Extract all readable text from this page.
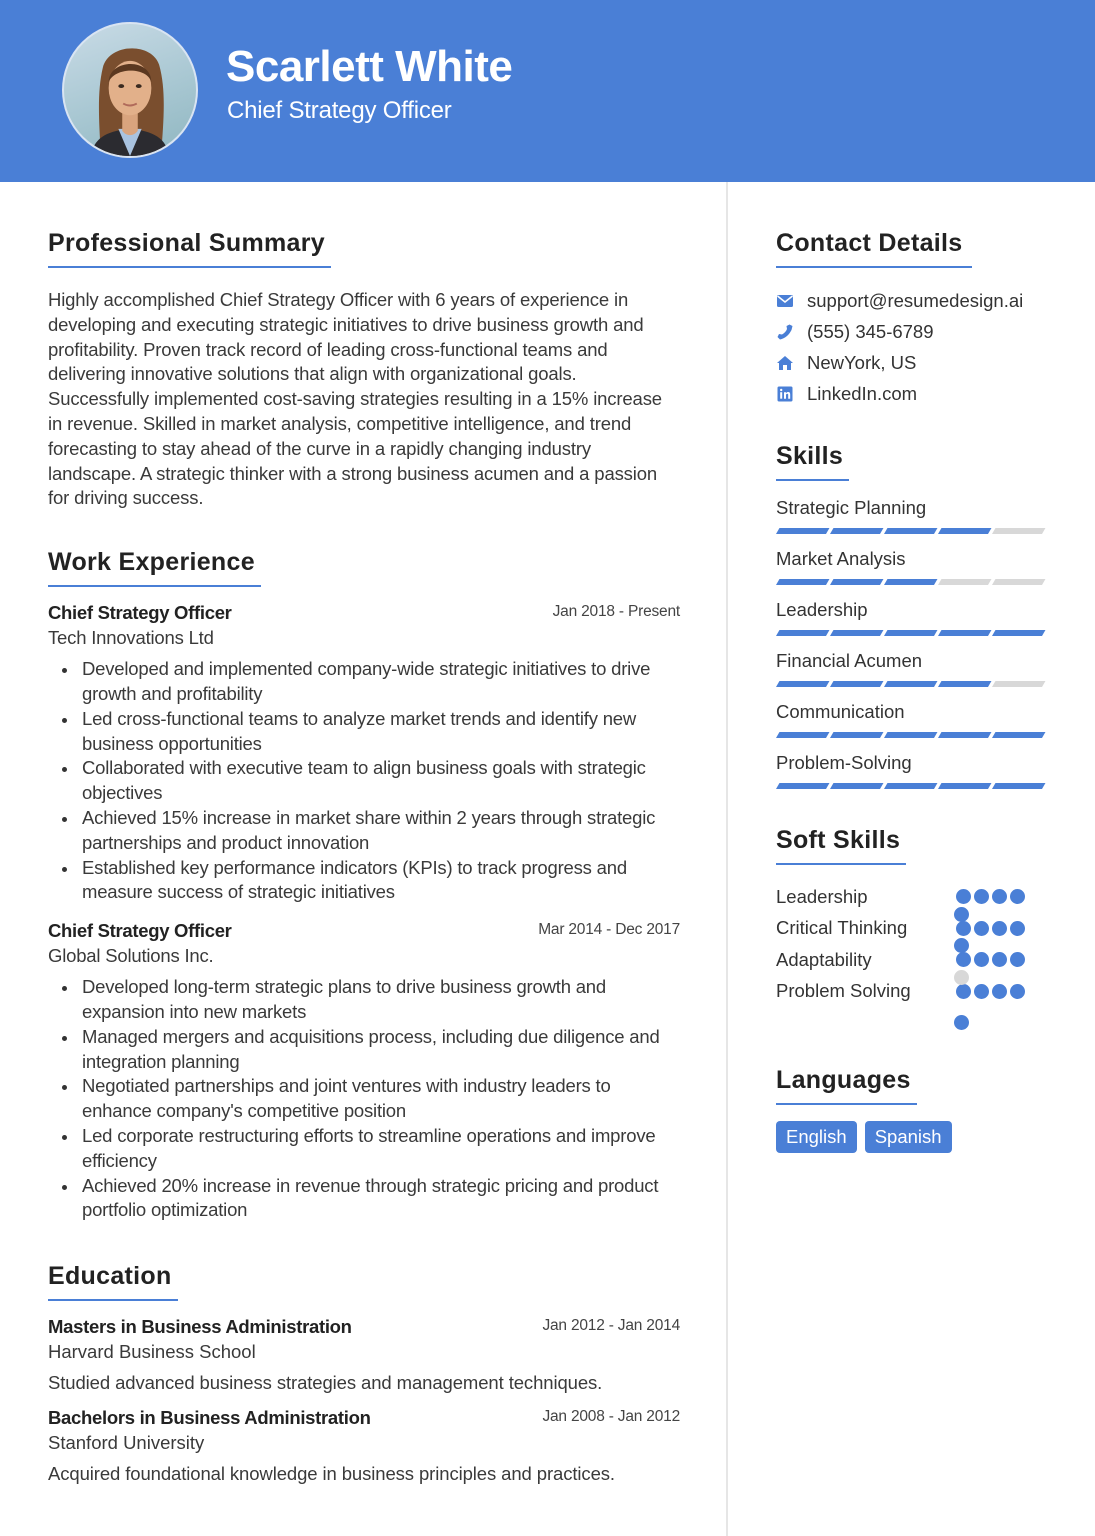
Scarlett White
Chief Strategy Officer
Professional Summary

Highly accomplished Chief Strategy Officer with 6 years of experience in developing and executing strategic initiatives to drive business growth and profitability. Proven track record of leading cross-functional teams and delivering innovative solutions that align with organizational goals. Successfully implemented cost-saving strategies resulting in a 15% increase in revenue. Skilled in market analysis, competitive intelligence, and trend forecasting to stay ahead of the curve in a rapidly changing industry landscape. A strategic thinker with a strong business acumen and a passion for driving success.

Work Experience
Chief Strategy Officer	Jan 2018 - Present
Tech Innovations Ltd
Developed and implemented company-wide strategic initiatives to drive growth and profitability
Led cross-functional teams to analyze market trends and identify new business opportunities
Collaborated with executive team to align business goals with strategic objectives
Achieved 15% increase in market share within 2 years through strategic partnerships and product innovation
Established key performance indicators (KPIs) to track progress and measure success of strategic initiatives
Chief Strategy Officer	Mar 2014 - Dec 2017
Global Solutions Inc.
Developed long-term strategic plans to drive business growth and expansion into new markets
Managed mergers and acquisitions process, including due diligence and integration planning
Negotiated partnerships and joint ventures with industry leaders to enhance company's competitive position
Led corporate restructuring efforts to streamline operations and improve efficiency
Achieved 20% increase in revenue through strategic pricing and product portfolio optimization
Education
Masters in Business Administration	Jan 2012 - Jan 2014
Harvard Business School
Studied advanced business strategies and management techniques.
Bachelors in Business Administration	Jan 2008 - Jan 2012
Stanford University
Acquired foundational knowledge in business principles and practices.
Contact Details
support@resumedesign.ai
(555) 345-6789
NewYork, US
LinkedIn.com
Skills
Strategic Planning
Market Analysis
Leadership
Financial Acumen
Communication
Problem-Solving
Soft Skills
Leadership
Critical Thinking
Adaptability
Problem Solving
Languages
English	Spanish
